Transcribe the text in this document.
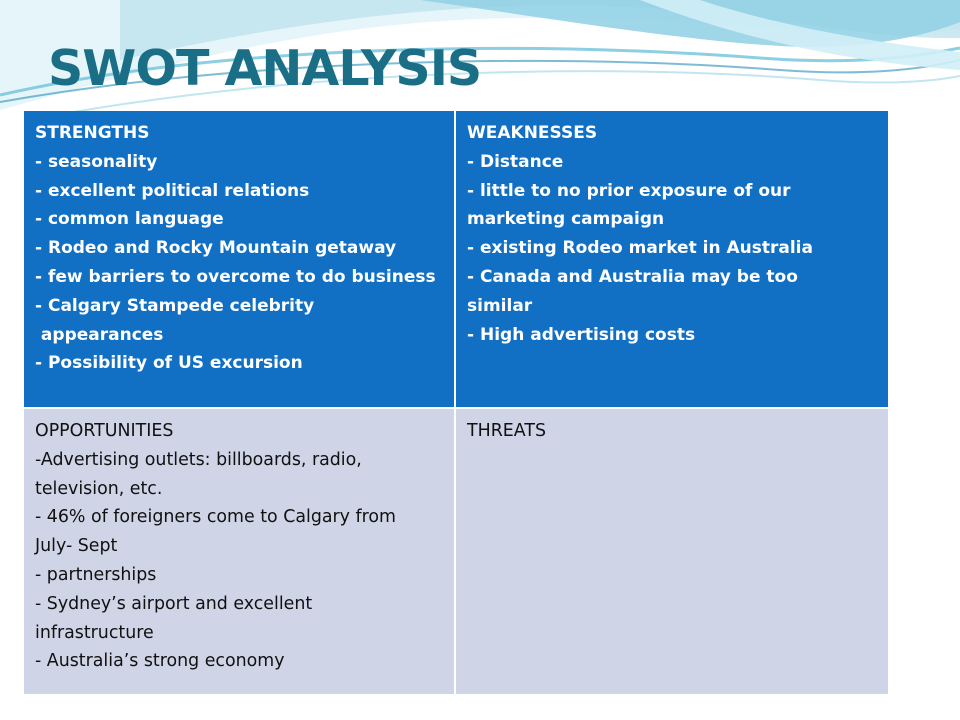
SWOT ANALYSIS
STRENGTHS
- seasonality
- excellent political relations
- common language
- Rodeo and Rocky Mountain getaway
- few barriers to overcome to do business
- Calgary Stampede celebrity
appearances
- Possibility of US excursion
WEAKNESSES
- Distance
- little to no prior exposure of our
marketing campaign
- existing Rodeo market in Australia
- Canada and Australia may be too
similar
- High advertising costs
OPPORTUNITIES
-Advertising outlets: billboards, radio,
television, etc.
- 46% of foreigners come to Calgary from
July- Sept
- partnerships
- Sydney’s airport and excellent
infrastructure
- Australia’s strong economy
THREATS
